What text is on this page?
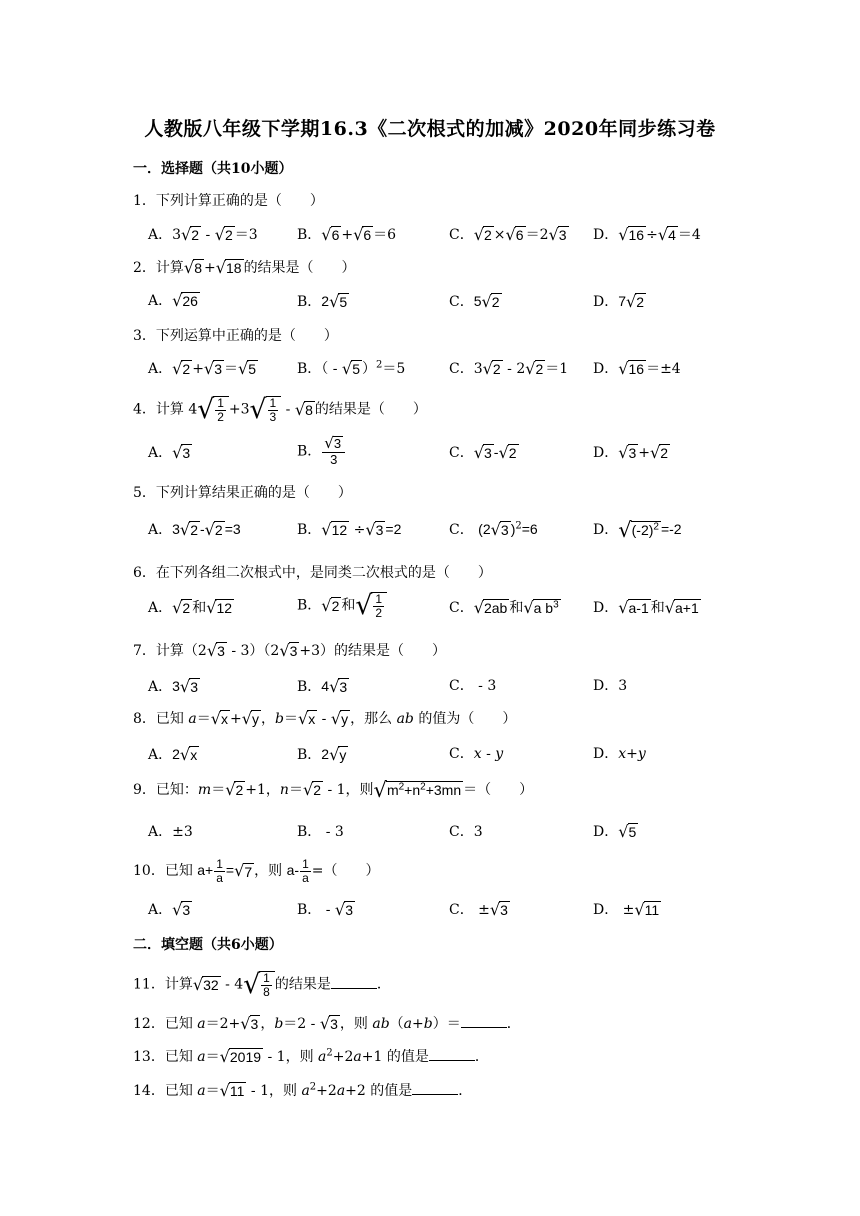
人教版八年级下学期16.3《二次根式的加减》2020年同步练习卷
一．选择题（共10小题）
1．下列计算正确的是（　　）
A．3√2 - √2 ＝3	B．√6 +√6 ＝6	C．√2 ×√6 ＝2√3 D．√16 ÷√4 ＝4
2．计算√8 +√18 的结果是（　　）
A．√26	B．2√5	C．5√2	D．7√2
3．下列运算中正确的是（　　）
A．√2 +√3 ＝√5	B．（ - √5 ）$^2$＝5	C．3√2 - 2√2 ＝1 D．√16 ＝±4
4．计算 $4√ \frac{1}{2} +3√ \frac{1}{3} - √8$ 的结果是（　　）
A．√3	B． $\frac{√3}{3}$	C．√3 -√2	D．√3 +√2
5．下列计算结果正确的是（　　）
A．3√2 -√2 =3	B．√12 ÷√3 =2	C． (2√3 )$^2$=6	D．$√(-2)^2 =-2$
6．在下列各组二次根式中，是同类二次根式的是（　　）
A．√2 和√12	B．√2 和√ $\frac{1}{2}$	C．√2ab 和√a $b^3$ D．√a-1 和√a+1
7．计算（2√3 - 3）（2√3 +3）的结果是（　　）
A．3√3	B．4√3	C． - 3	D．3
8．已知 a＝√x +√y ，b＝√x - √y ，那么 ab 的值为（　　）
A．2√x	B．2√y	C．x - y	D．x+y
9．已知：m＝√2 +1，n＝√2 - 1，则$√m^2+n^2+3mn$ ＝（　　）
A．±3	B． - 3	C．3	D．√5
10．已知 $a+ \frac{1}{a} =√7$ ，则 $a- \frac{1}{a}$ =（　　）
A．√3	B． - √3	C． ±√3	D． ±√11
二．填空题（共6小题）
11．计算$√32 - 4√ \frac{1}{8}$ 的结果是	．
12．已知 a＝2+√3 ，b＝2 - √3 ，则 ab（a+b）＝	．
13．已知 a＝√2019 - 1，则 $a^2+2a+1$ 的值是	．
14．已知 a＝√11 - 1，则 $a^2+2a+2$ 的值是	．
